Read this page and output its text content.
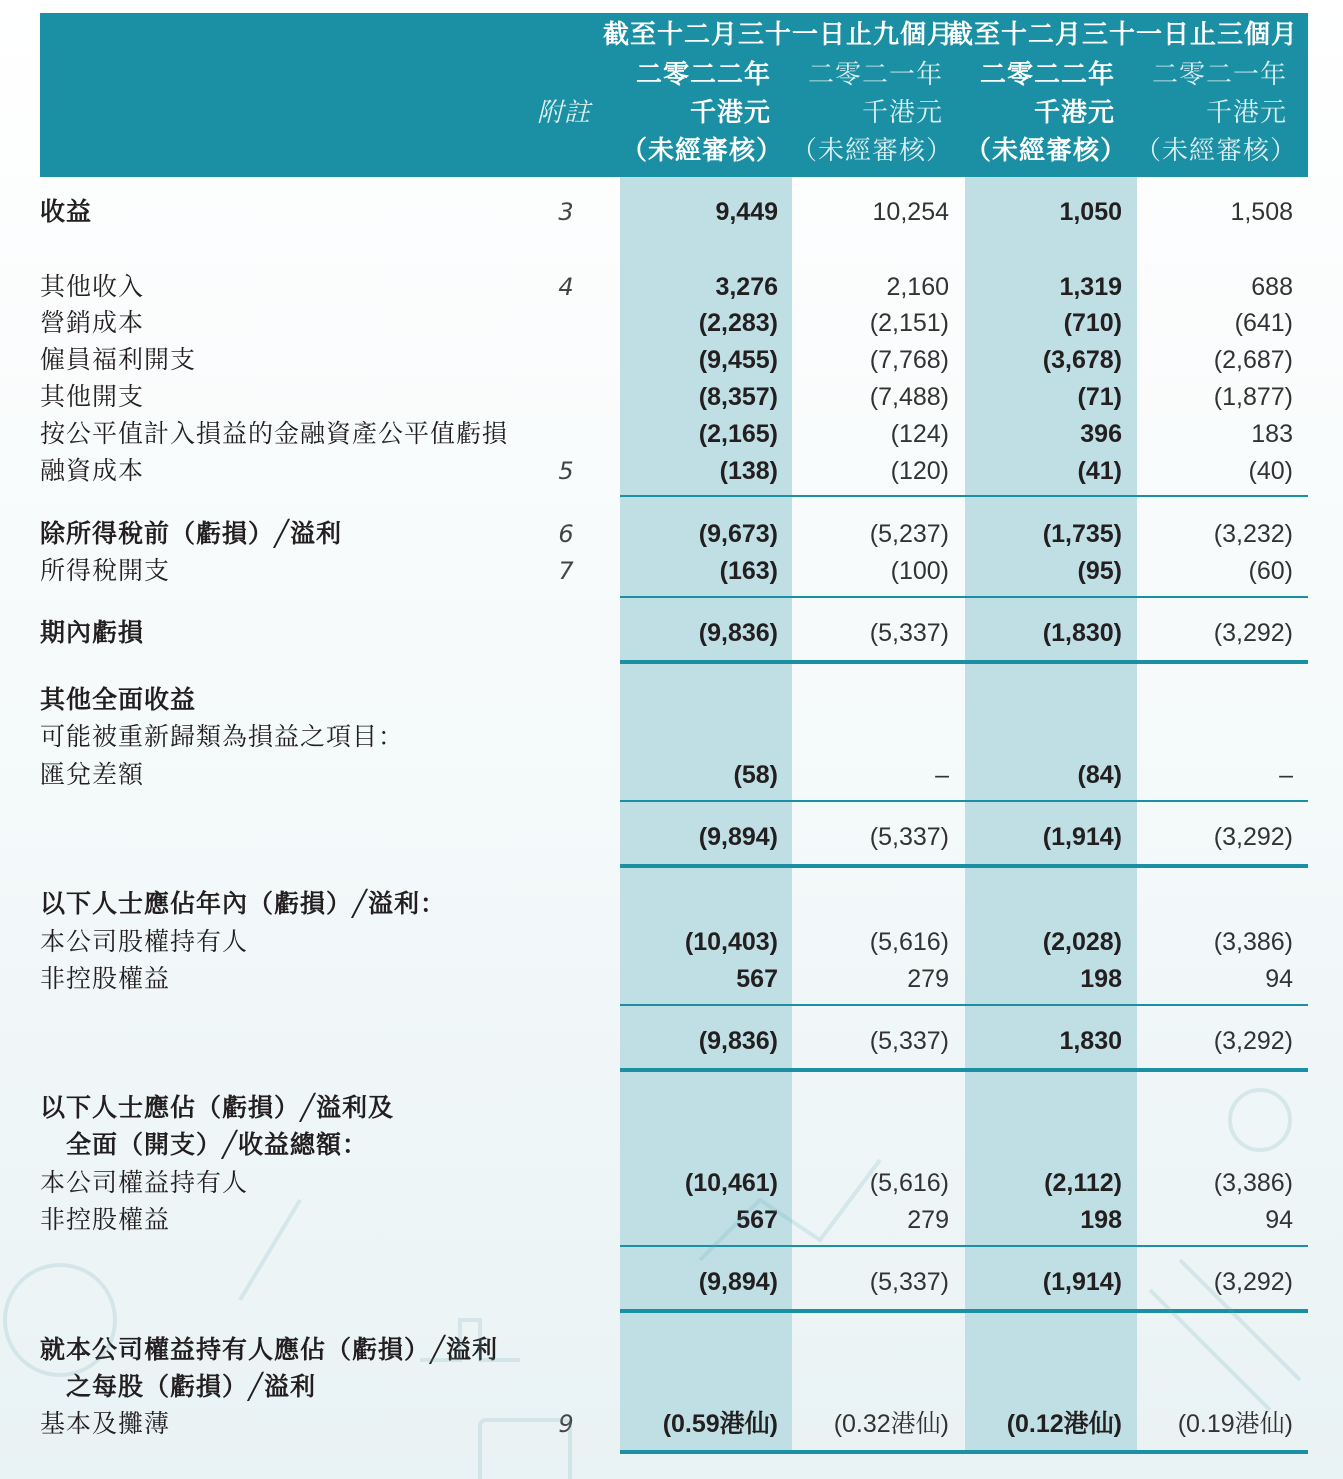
截至十二月三十一日止九個月
截至十二月三十一日止三個月
二零二二年 二零二一年 二零二二年 二零二一年
附註	千港元	千港元	千港元	千港元
（未經審核） （未經審核） （未經審核） （未經審核）
收益	3	9,449	10,254	1,050	1,508
其他收入	4	3,276	2,160	1,319	688
營銷成本	(2,283)	(2,151)	(710)	(641)
僱員福利開支	(9,455)	(7,768)	(3,678)	(2,687)
其他開支	(8,357)	(7,488)	(71)	(1,877)
按公平值計入損益的金融資產公平值虧損	(2,165)	(124)	396	183
融資成本	5	(138)	(120)	(41)	(40)
除所得稅前（虧損）╱溢利	6	(9,673)	(5,237)	(1,735)	(3,232)
所得稅開支	7	(163)	(100)	(95)	(60)
期內虧損	(9,836)	(5,337)	(1,830)	(3,292)
其他全面收益
可能被重新歸類為損益之項目：
匯兌差額	(58)	–	(84)	–
(9,894)	(5,337)	(1,914)	(3,292)
以下人士應佔年內（虧損）╱溢利：
本公司股權持有人	(10,403)	(5,616)	(2,028)	(3,386)
非控股權益	567	279	198	94
(9,836)	(5,337)	1,830	(3,292)
以下人士應佔（虧損）╱溢利及
全面（開支）╱收益總額：
本公司權益持有人	(10,461)	(5,616)	(2,112)	(3,386)
非控股權益	567	279	198	94
(9,894)	(5,337)	(1,914)	(3,292)
就本公司權益持有人應佔（虧損）╱溢利
之每股（虧損）╱溢利
基本及攤薄	9	(0.59港仙) (0.32港仙) (0.12港仙) (0.19港仙)
